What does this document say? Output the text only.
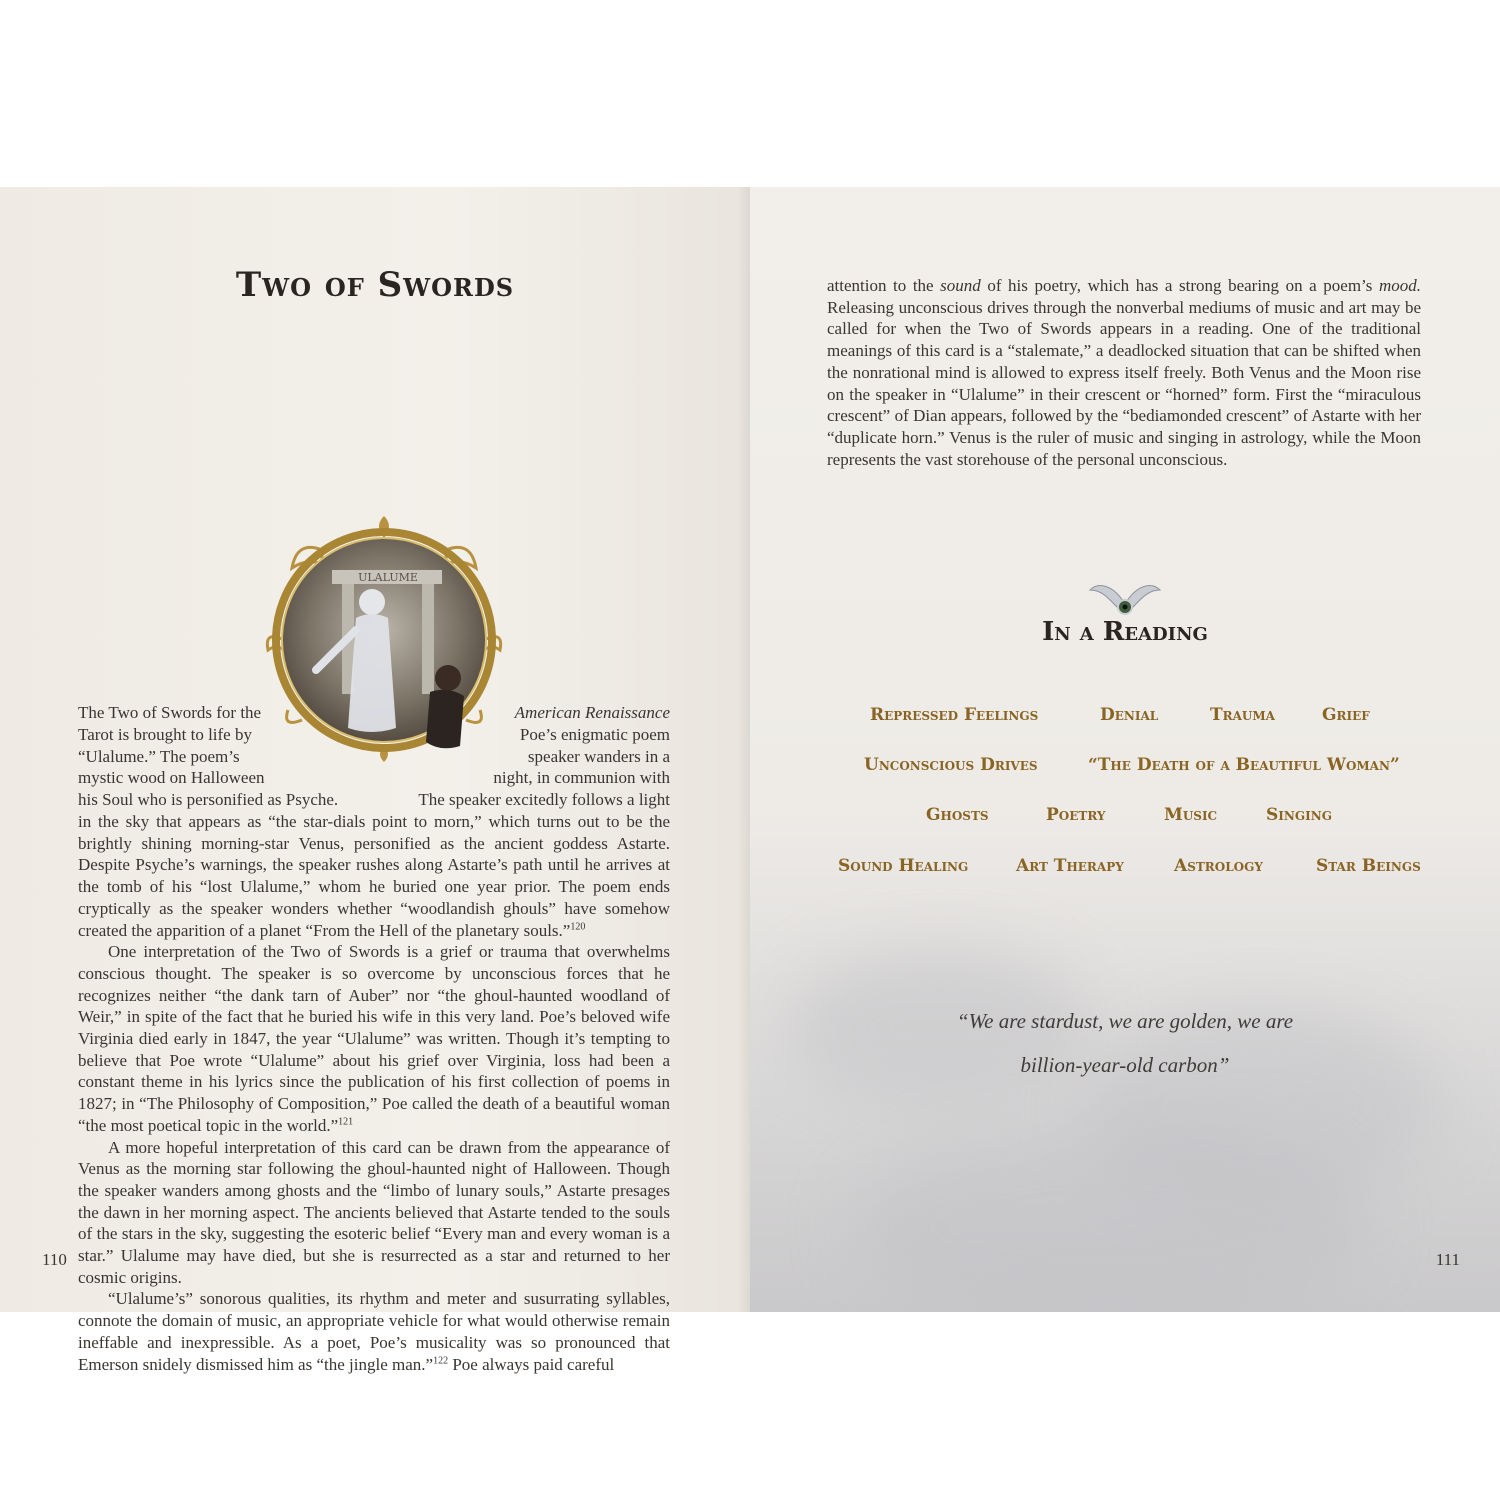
Two of Swords
ULALUME
The Two of Swords for the	American Renaissance
Tarot is brought to life by	Poe’s enigmatic poem
“Ulalume.” The poem’s	speaker wanders in a
mystic wood on Halloween	night, in communion with
his Soul who is personified as Psyche.	The speaker excitedly follows a light

in the sky that appears as “the star-dials point to morn,” which turns out to be the brightly shining morning-star Venus, personified as the ancient goddess Astarte. Despite Psyche’s warnings, the speaker rushes along Astarte’s path until he arrives at the tomb of his “lost Ulalume,” whom he buried one year prior. The poem ends cryptically as the speaker wonders whether “woodlandish ghouls” have somehow created the apparition of a planet “From the Hell of the planetary souls.”$^{120}$

One interpretation of the Two of Swords is a grief or trauma that overwhelms conscious thought. The speaker is so overcome by unconscious forces that he recognizes neither “the dank tarn of Auber” nor “the ghoul-haunted woodland of Weir,” in spite of the fact that he buried his wife in this very land. Poe’s beloved wife Virginia died early in 1847, the year “Ulalume” was written. Though it’s tempting to believe that Poe wrote “Ulalume” about his grief over Virginia, loss had been a constant theme in his lyrics since the publication of his first collection of poems in 1827; in “The Philosophy of Composition,” Poe called the death of a beautiful woman “the most poetical topic in the world.”$^{121}$

A more hopeful interpretation of this card can be drawn from the appearance of Venus as the morning star following the ghoul-haunted night of Halloween. Though the speaker wanders among ghosts and the “limbo of lunary souls,” Astarte presages the dawn in her morning aspect. The ancients believed that Astarte tended to the souls of the stars in the sky, suggesting the esoteric belief “Every man and every woman is a star.” Ulalume may have died, but she is resurrected as a star and returned to her cosmic origins.

“Ulalume’s” sonorous qualities, its rhythm and meter and susurrating syllables, connote the domain of music, an appropriate vehicle for what would otherwise remain ineffable and inexpressible. As a poet, Poe’s musicality was so pronounced that Emerson snidely dismissed him as “the jingle man.”$^{122}$ Poe always paid careful

110

attention to the sound of his poetry, which has a strong bearing on a poem’s mood. Releasing unconscious drives through the nonverbal mediums of music and art may be called for when the Two of Swords appears in a reading. One of the traditional meanings of this card is a “stalemate,” a deadlocked situation that can be shifted when the nonrational mind is allowed to express itself freely. Both Venus and the Moon rise on the speaker in “Ulalume” in their crescent or “horned” form. First the “miraculous crescent” of Dian appears, followed by the “bediamonded crescent” of Astarte with her “duplicate horn.” Venus is the ruler of music and singing in astrology, while the Moon represents the vast storehouse of the personal unconscious.

In a Reading
Repressed Feelings	Denial	Trauma	Grief
Unconscious Drives	“The Death of a Beautiful Woman”
Ghosts	Poetry	Music	Singing
Sound Healing	Art Therapy	Astrology	Star Beings
“We are stardust, we are golden, we are
billion-year-old carbon”
111
